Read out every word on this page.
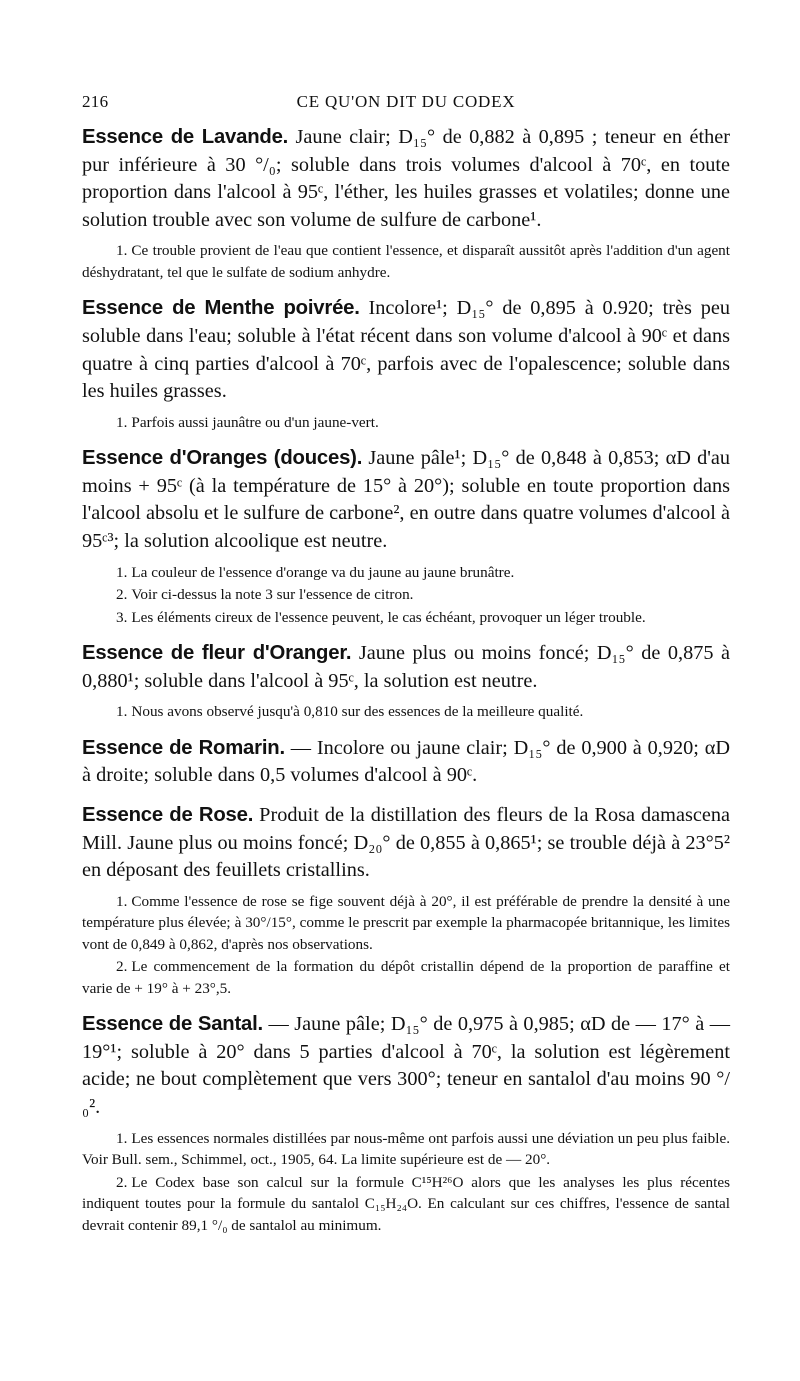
216	CE QU'ON DIT DU CODEX

Essence de Lavande. Jaune clair; D₁₅° de 0,882 à 0,895 ; teneur en éther pur inférieure à 30 °/₀; soluble dans trois volumes d'alcool à 70ᶜ, en toute proportion dans l'alcool à 95ᶜ, l'éther, les huiles grasses et volatiles; donne une solution trouble avec son volume de sulfure de carbone¹.

1. Ce trouble provient de l'eau que contient l'essence, et disparaît aussitôt après l'addition d'un agent déshydratant, tel que le sulfate de sodium anhydre.

Essence de Menthe poivrée. Incolore¹; D₁₅° de 0,895 à 0.920; très peu soluble dans l'eau; soluble à l'état récent dans son volume d'alcool à 90ᶜ et dans quatre à cinq parties d'alcool à 70ᶜ, parfois avec de l'opalescence; soluble dans les huiles grasses.

1. Parfois aussi jaunâtre ou d'un jaune-vert.

Essence d'Oranges (douces). Jaune pâle¹; D₁₅° de 0,848 à 0,853; αD d'au moins + 95ᶜ (à la température de 15° à 20°); soluble en toute proportion dans l'alcool absolu et le sulfure de carbone², en outre dans quatre volumes d'alcool à 95ᶜ³; la solution alcoolique est neutre.

1. La couleur de l'essence d'orange va du jaune au jaune brunâtre.

2. Voir ci-dessus la note 3 sur l'essence de citron.

3. Les éléments cireux de l'essence peuvent, le cas échéant, provoquer un léger trouble.

Essence de fleur d'Oranger. Jaune plus ou moins foncé; D₁₅° de 0,875 à 0,880¹; soluble dans l'alcool à 95ᶜ, la solution est neutre.

1. Nous avons observé jusqu'à 0,810 sur des essences de la meilleure qualité.

Essence de Romarin. — Incolore ou jaune clair; D₁₅° de 0,900 à 0,920; αD à droite; soluble dans 0,5 volumes d'alcool à 90ᶜ.

Essence de Rose. Produit de la distillation des fleurs de la Rosa damascena Mill. Jaune plus ou moins foncé; D₂₀° de 0,855 à 0,865¹; se trouble déjà à 23°5² en déposant des feuillets cristallins.

1. Comme l'essence de rose se fige souvent déjà à 20°, il est préférable de prendre la densité à une température plus élevée; à 30°/15°, comme le prescrit par exemple la pharmacopée britannique, les limites vont de 0,849 à 0,862, d'après nos observations.

2. Le commencement de la formation du dépôt cristallin dépend de la proportion de paraffine et varie de + 19° à + 23°,5.

Essence de Santal. — Jaune pâle; D₁₅° de 0,975 à 0,985; αD de — 17° à — 19°¹; soluble à 20° dans 5 parties d'alcool à 70ᶜ, la solution est légèrement acide; ne bout complètement que vers 300°; teneur en santalol d'au moins 90 °/₀².

1. Les essences normales distillées par nous-même ont parfois aussi une déviation un peu plus faible. Voir Bull. sem., Schimmel, oct., 1905, 64. La limite supérieure est de — 20°.

2. Le Codex base son calcul sur la formule C¹⁵H²⁶O alors que les analyses les plus récentes indiquent toutes pour la formule du santalol C₁₅H₂₄O. En calculant sur ces chiffres, l'essence de santal devrait contenir 89,1 °/₀ de santalol au minimum.
